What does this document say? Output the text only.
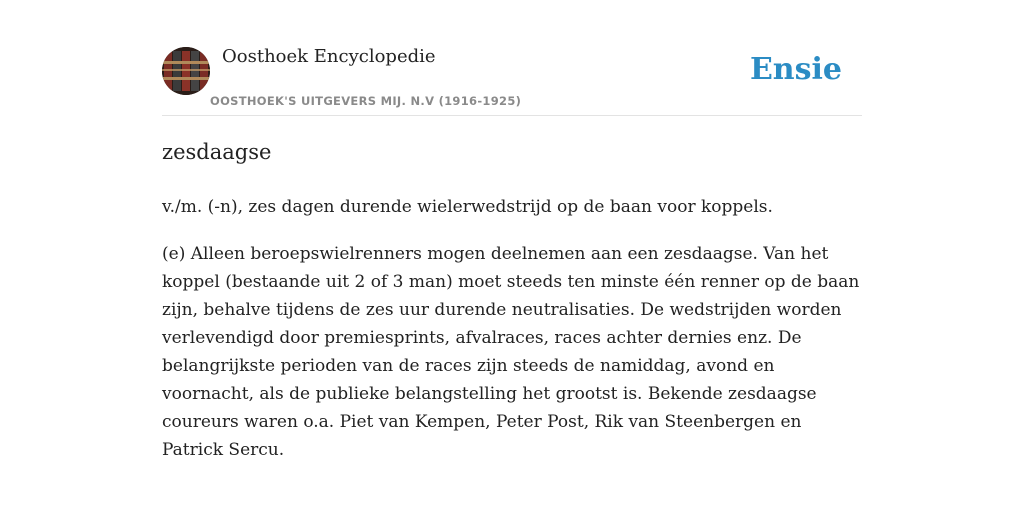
Oosthoek Encyclopedie
OOSTHOEK'S UITGEVERS MIJ. N.V (1916-1925)
Ensie
zesdaagse

v./m. (-n), zes dagen durende wielerwedstrijd op de baan voor koppels.

(e) Alleen beroepswielrenners mogen deelnemen aan een zesdaagse. Van het koppel (bestaande uit 2 of 3 man) moet steeds ten minste één renner op de baan zijn, behalve tijdens de zes uur durende neutralisaties. De wedstrijden worden verlevendigd door premiesprints, afvalraces, races achter dernies enz. De belangrijkste perioden van de races zijn steeds de namiddag, avond en voornacht, als de publieke belangstelling het grootst is. Bekende zesdaagse coureurs waren o.a. Piet van Kempen, Peter Post, Rik van Steenbergen en Patrick Sercu.
